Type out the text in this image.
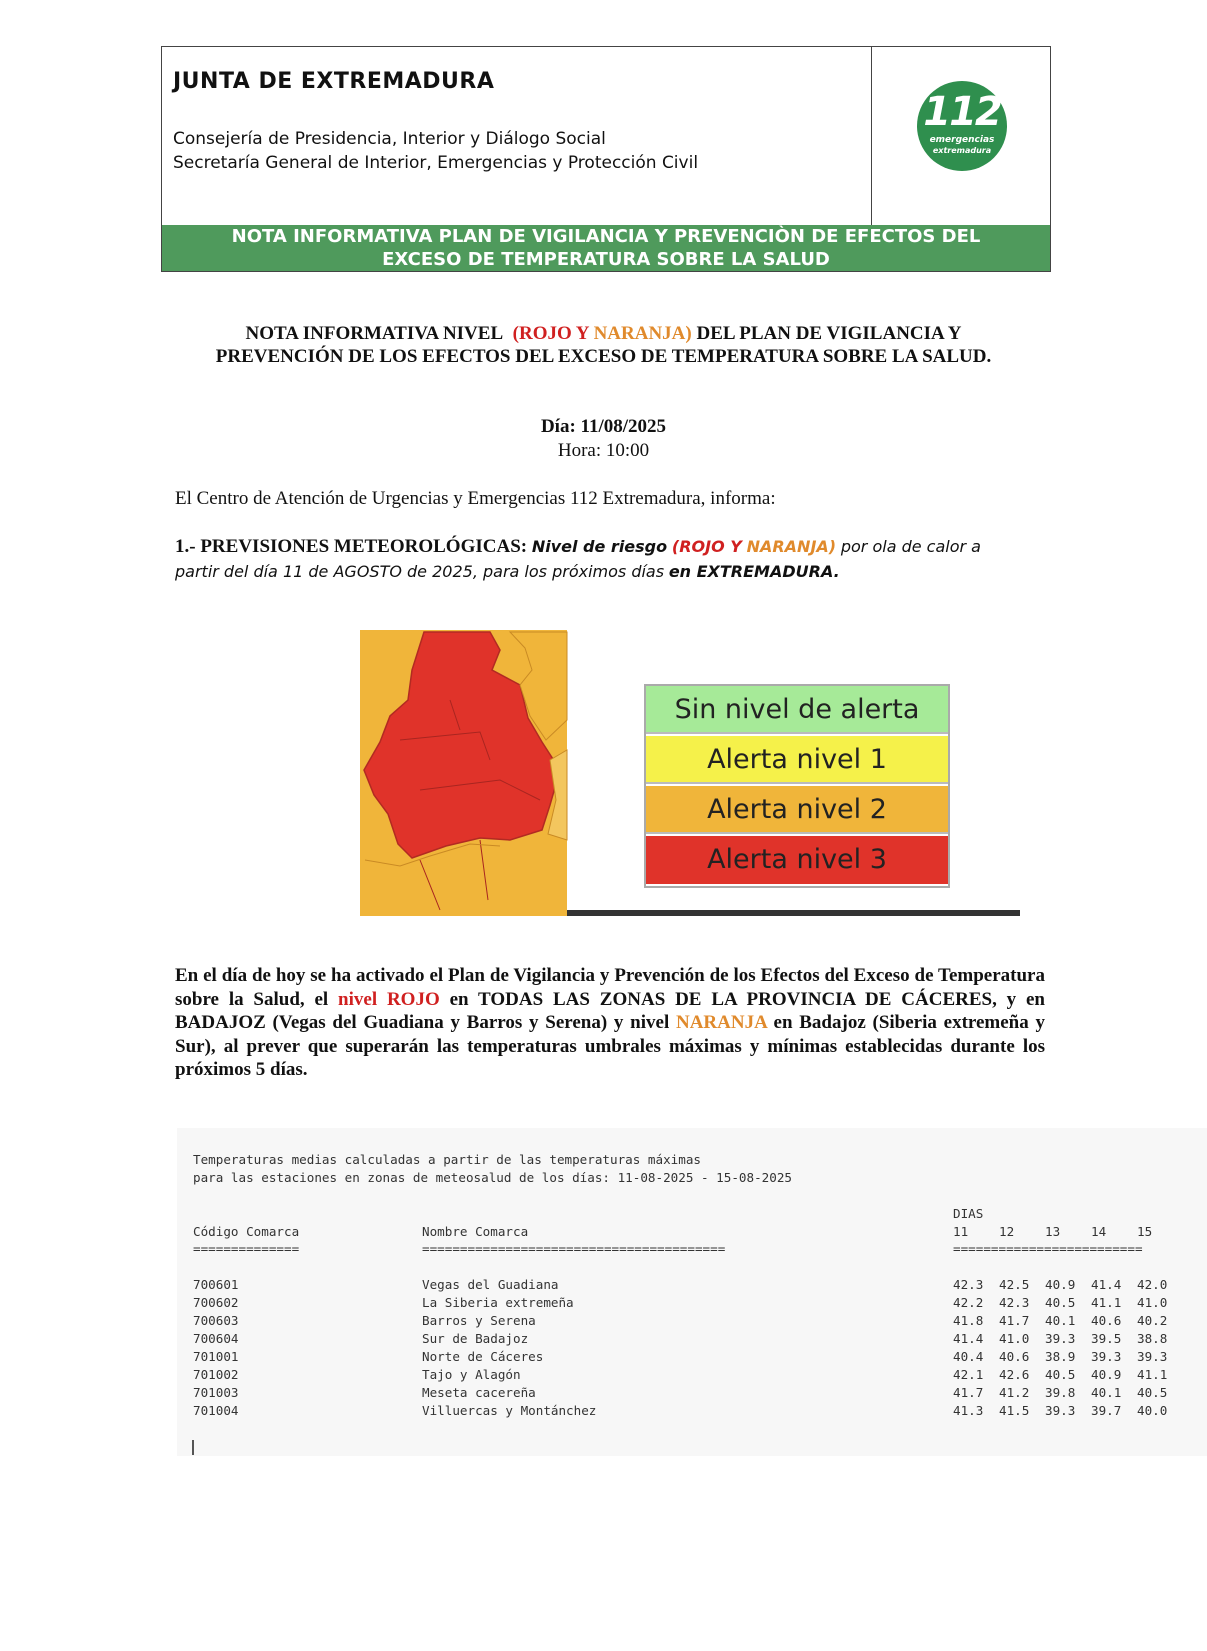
JUNTA DE EXTREMADURA
Consejería de Presidencia, Interior y Diálogo Social
Secretaría General de Interior, Emergencias y Protección Civil
112
emergencias
extremadura
NOTA INFORMATIVA PLAN DE VIGILANCIA Y PREVENCIÒN DE EFECTOS DEL
EXCESO DE TEMPERATURA SOBRE LA SALUD
NOTA INFORMATIVA NIVEL (ROJO Y NARANJA) DEL PLAN DE VIGILANCIA Y
PREVENCIÓN DE LOS EFECTOS DEL EXCESO DE TEMPERATURA SOBRE LA SALUD.
Día: 11/08/2025
Hora: 10:00
El Centro de Atención de Urgencias y Emergencias 112 Extremadura, informa:
1.- PREVISIONES METEOROLÓGICAS: Nivel de riesgo (ROJO Y NARANJA) por ola de calor a
partir del día 11 de AGOSTO de 2025, para los próximos días en EXTREMADURA.
Sin nivel de alerta
Alerta nivel 1
Alerta nivel 2
Alerta nivel 3
En el día de hoy se ha activado el Plan de Vigilancia y Prevención de los Efectos del Exceso de Temperatura sobre la Salud, el nivel ROJO en TODAS LAS ZONAS DE LA PROVINCIA DE CÁCERES, y en BADAJOZ (Vegas del Guadiana y Barros y Serena) y nivel NARANJA en Badajoz (Siberia extremeña y Sur), al prever que superarán las temperaturas umbrales máximas y mínimas establecidas durante los próximos 5 días.
Temperaturas medias calculadas a partir de las temperaturas máximas
para las estaciones en zonas de meteosalud de los días: 11-08-2025 - 15-08-2025
DIAS
Código Comarca	Nombre Comarca	11 12 13 14 15
==============	========================================	=========================
700601	Vegas del Guadiana	42.3 42.5 40.9 41.4 42.0
700602	La Siberia extremeña	42.2 42.3 40.5 41.1 41.0
700603	Barros y Serena	41.8 41.7 40.1 40.6 40.2
700604	Sur de Badajoz	41.4 41.0 39.3 39.5 38.8
701001	Norte de Cáceres	40.4 40.6 38.9 39.3 39.3
701002	Tajo y Alagón	42.1 42.6 40.5 40.9 41.1
701003	Meseta cacereña	41.7 41.2 39.8 40.1 40.5
701004	Villuercas y Montánchez	41.3 41.5 39.3 39.7 40.0
